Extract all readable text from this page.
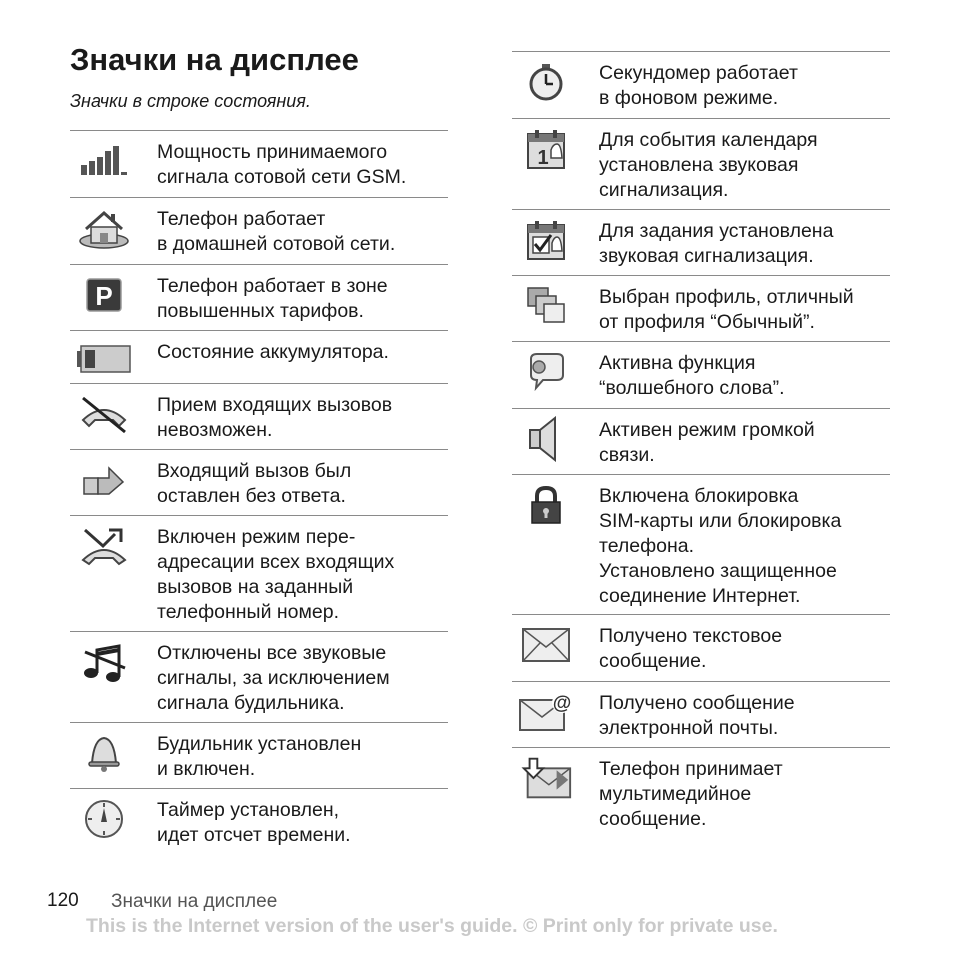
Значки на дисплее
Значки в строке состояния.
Мощность принимаемого
сигнала сотовой сети GSM.
Телефон работает
в домашней сотовой сети.
P Телефон работает в зоне
повышенных тарифов.
Состояние аккумулятора.
Прием входящих вызовов
невозможен.
Входящий вызов был
оставлен без ответа.
Включен режим пере-
адресации всех входящих
вызовов на заданный
телефонный номер.
Отключены все звуковые
сигналы, за исключением
сигнала будильника.
Будильник установлен
и включен.
Таймер установлен,
идет отсчет времени.
Секундомер работает
в фоновом режиме.
1
Для события календаря
установлена звуковая
сигнализация.
Для задания установлена
звуковая сигнализация.
Выбран профиль, отличный
от профиля “Обычный”.
Активна функция
“волшебного слова”.
Активен режим громкой
связи.
Включена блокировка
SIM-карты или блокировка
телефона.
Установлено защищенное
соединение Интернет.
Получено текстовое
сообщение.
@ Получено сообщение
электронной почты.
Телефон принимает
мультимедийное
сообщение.
120 Значки на дисплее
This is the Internet version of the user's guide. © Print only for private use.
